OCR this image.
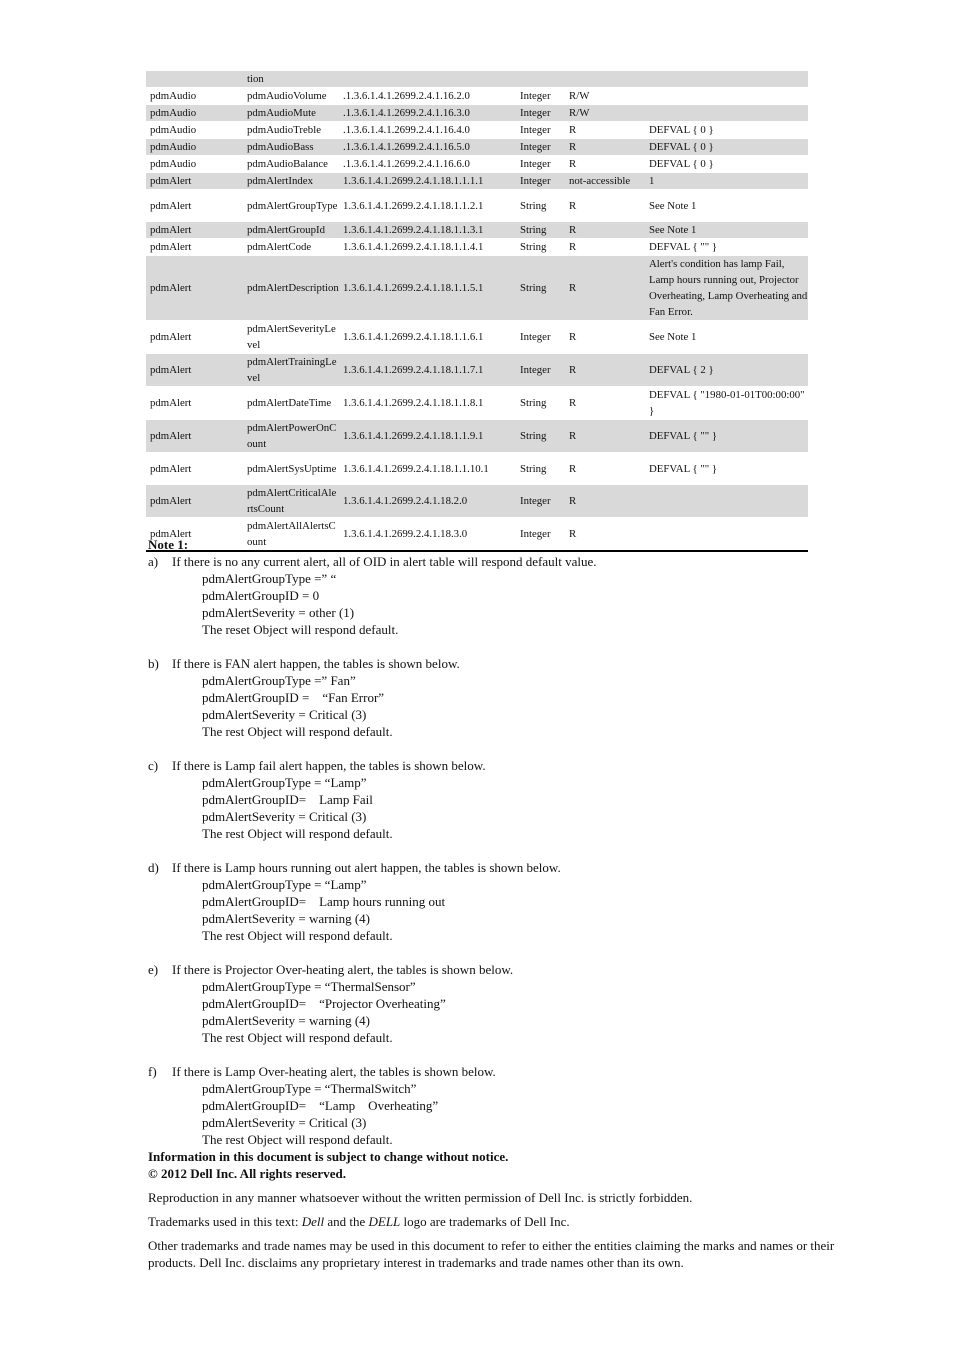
	tion				
pdmAudio	pdmAudioVolume	.1.3.6.1.4.1.2699.2.4.1.16.2.0	Integer	R/W	
pdmAudio	pdmAudioMute	.1.3.6.1.4.1.2699.2.4.1.16.3.0	Integer	R/W	
pdmAudio	pdmAudioTreble	.1.3.6.1.4.1.2699.2.4.1.16.4.0	Integer	R	DEFVAL { 0 }
pdmAudio	pdmAudioBass	.1.3.6.1.4.1.2699.2.4.1.16.5.0	Integer	R	DEFVAL { 0 }
pdmAudio	pdmAudioBalance	.1.3.6.1.4.1.2699.2.4.1.16.6.0	Integer	R	DEFVAL { 0 }
pdmAlert	pdmAlertIndex	1.3.6.1.4.1.2699.2.4.1.18.1.1.1.1	Integer	not-accessible	1
pdmAlert	pdmAlertGroupType	1.3.6.1.4.1.2699.2.4.1.18.1.1.2.1	String	R	See Note 1
pdmAlert	pdmAlertGroupId	1.3.6.1.4.1.2699.2.4.1.18.1.1.3.1	String	R	See Note 1
pdmAlert	pdmAlertCode	1.3.6.1.4.1.2699.2.4.1.18.1.1.4.1	String	R	DEFVAL { "" }
pdmAlert	pdmAlertDescription	1.3.6.1.4.1.2699.2.4.1.18.1.1.5.1	String	R	Alert's condition has lamp Fail, Lamp hours running out, Projector Overheating, Lamp Overheating and Fan Error.
pdmAlert	pdmAlertSeverityLevel	1.3.6.1.4.1.2699.2.4.1.18.1.1.6.1	Integer	R	See Note 1
pdmAlert	pdmAlertTrainingLevel	1.3.6.1.4.1.2699.2.4.1.18.1.1.7.1	Integer	R	DEFVAL { 2 }
pdmAlert	pdmAlertDateTime	1.3.6.1.4.1.2699.2.4.1.18.1.1.8.1	String	R	DEFVAL { "1980-01-01T00:00:00" }
pdmAlert	pdmAlertPowerOnCount	1.3.6.1.4.1.2699.2.4.1.18.1.1.9.1	String	R	DEFVAL { "" }
pdmAlert	pdmAlertSysUptime	1.3.6.1.4.1.2699.2.4.1.18.1.1.10.1	String	R	DEFVAL { "" }
pdmAlert	pdmAlertCriticalAlertsCount	1.3.6.1.4.1.2699.2.4.1.18.2.0	Integer	R	
pdmAlert	pdmAlertAllAlertsCount	1.3.6.1.4.1.2699.2.4.1.18.3.0	Integer	R	
Note 1:
a)	If there is no any current alert, all of OID in alert table will respond default value.
pdmAlertGroupType =” “
pdmAlertGroupID = 0
pdmAlertSeverity = other (1)
The reset Object will respond default.
b)	If there is FAN alert happen, the tables is shown below.
pdmAlertGroupType =” Fan”
pdmAlertGroupID =    “Fan Error”
pdmAlertSeverity = Critical (3)
The rest Object will respond default.
c)	If there is Lamp fail alert happen, the tables is shown below.
pdmAlertGroupType = “Lamp”
pdmAlertGroupID=    Lamp Fail
pdmAlertSeverity = Critical (3)
The rest Object will respond default.
d)	If there is Lamp hours running out alert happen, the tables is shown below.
pdmAlertGroupType = “Lamp”
pdmAlertGroupID=    Lamp hours running out
pdmAlertSeverity = warning (4)
The rest Object will respond default.
e)	If there is Projector Over-heating alert, the tables is shown below.
pdmAlertGroupType = “ThermalSensor”
pdmAlertGroupID=    “Projector Overheating”
pdmAlertSeverity = warning (4)
The rest Object will respond default.
f)	If there is Lamp Over-heating alert, the tables is shown below.
pdmAlertGroupType = “ThermalSwitch”
pdmAlertGroupID=    “Lamp    Overheating”
pdmAlertSeverity = Critical (3)
The rest Object will respond default.

Information in this document is subject to change without notice.

© 2012 Dell Inc. All rights reserved.

Reproduction in any manner whatsoever without the written permission of Dell Inc. is strictly forbidden.

Trademarks used in this text: Dell and the DELL logo are trademarks of Dell Inc.

Other trademarks and trade names may be used in this document to refer to either the entities claiming the marks and names or their products. Dell Inc. disclaims any proprietary interest in trademarks and trade names other than its own.
